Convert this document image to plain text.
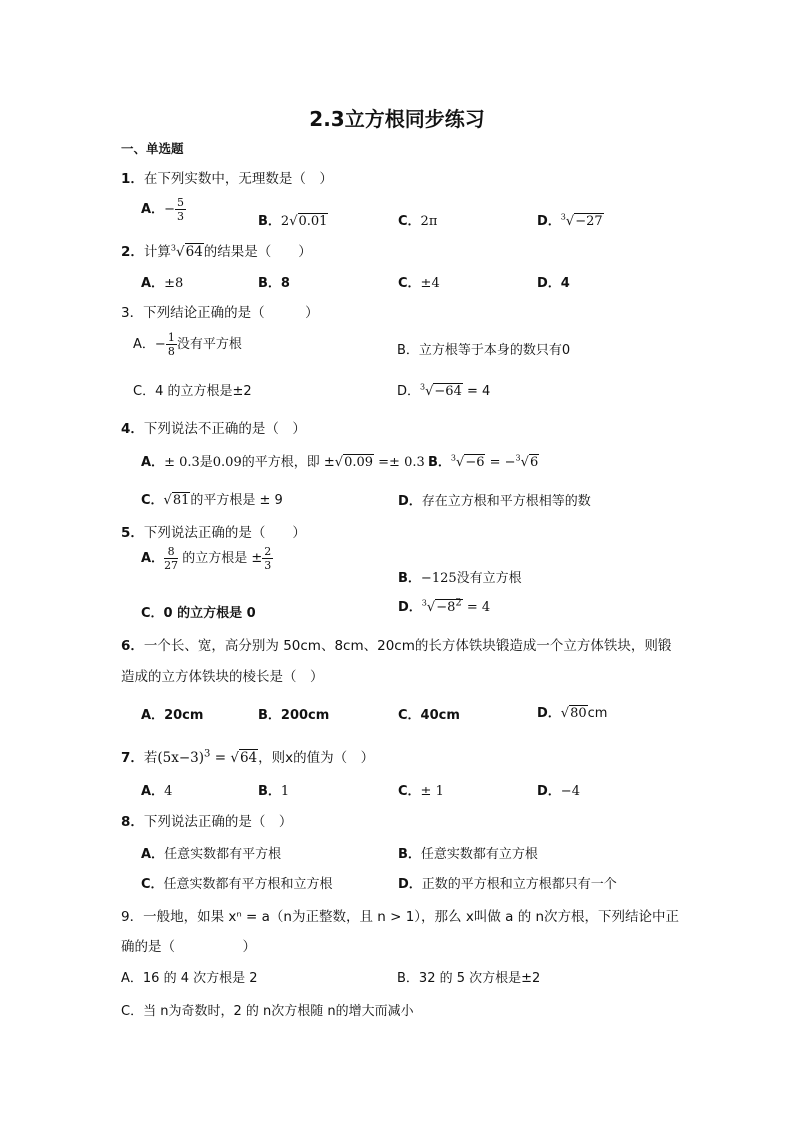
2.3立方根同步练习
一、单选题
1．在下列实数中，无理数是（　）
A．− $\frac{5}{3}$	B．2√0.01	C．2π	D．$^3$√−27
2．计算$^3$√64的结果是（　　）
A．±8	B．8	C．±4	D．4
3．下列结论正确的是（　　　）
A．− $\frac{1}{8}$ 没有平方根	B．立方根等于本身的数只有0
C．4 的立方根是±2	D．$^3$√−64 = 4
4．下列说法不正确的是（　）
A．± 0.3是0.09的平方根，即 ±√0.09 =± 0.3 B．$^3$√−6 = −$^3$√6
C．√81的平方根是 ± 9	D．存在立方根和平方根相等的数
5．下列说法正确的是（　　）
A． $\frac{8}{27}$ 的立方根是 ± $\frac{2}{3}$
B．−125没有立方根
C．0 的立方根是 0	D．$^3√-8^2 = 4$
6．一个长、宽，高分别为 50cm、8cm、20cm的长方体铁块锻造成一个立方体铁块，则锻
造成的立方体铁块的棱长是（　）
A．20cm	B．200cm	C．40cm	D．√80cm
7．若$(5x-3)^3 = √64$，则x的值为（　）
A．4	B．1	C．± 1	D．−4
8．下列说法正确的是（　）
A．任意实数都有平方根	B．任意实数都有立方根
C．任意实数都有平方根和立方根	D．正数的平方根和立方根都只有一个
9．一般地，如果 xⁿ = a（n为正整数，且 n > 1），那么 x叫做 a 的 n次方根，下列结论中正
确的是（　　　　　）
A．16 的 4 次方根是 2	B．32 的 5 次方根是±2
C．当 n为奇数时，2 的 n次方根随 n的增大而减小
